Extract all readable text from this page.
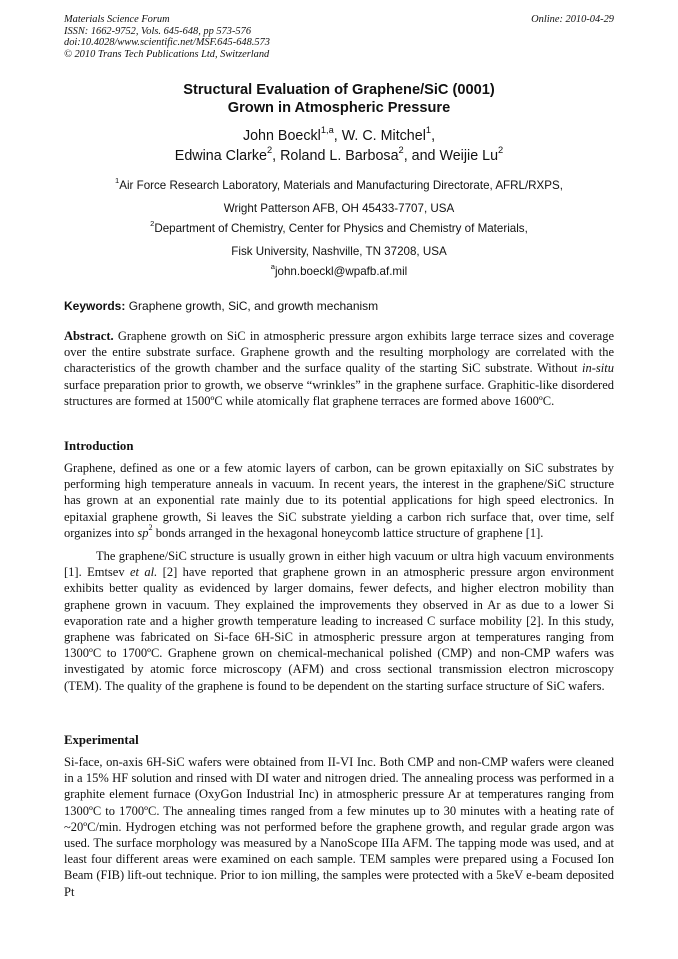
Materials Science Forum
ISSN: 1662-9752, Vols. 645-648, pp 573-576
doi:10.4028/www.scientific.net/MSF.645-648.573
© 2010 Trans Tech Publications Ltd, Switzerland
Online: 2010-04-29
Structural Evaluation of Graphene/SiC (0001)
Grown in Atmospheric Pressure
John Boeckl$^{1,a}$, W. C. Mitchel$^1$,
Edwina Clarke$^2$, Roland L. Barbosa$^2$, and Weijie Lu$^2$
$^1$Air Force Research Laboratory, Materials and Manufacturing Directorate, AFRL/RXPS,
Wright Patterson AFB, OH 45433-7707, USA
$^2$Department of Chemistry, Center for Physics and Chemistry of Materials,
Fisk University, Nashville, TN 37208, USA
$^a$john.boeckl@wpafb.af.mil
Keywords: Graphene growth, SiC, and growth mechanism

Abstract. Graphene growth on SiC in atmospheric pressure argon exhibits large terrace sizes and coverage over the entire substrate surface. Graphene growth and the resulting morphology are correlated with the characteristics of the growth chamber and the surface quality of the starting SiC substrate. Without in-situ surface preparation prior to growth, we observe “wrinkles” in the graphene surface. Graphitic-like disordered structures are formed at 1500ºC while atomically flat graphene terraces are formed above 1600ºC.

Introduction

Graphene, defined as one or a few atomic layers of carbon, can be grown epitaxially on SiC substrates by performing high temperature anneals in vacuum. In recent years, the interest in the graphene/SiC structure has grown at an exponential rate mainly due to its potential applications for high speed electronics. In epitaxial graphene growth, Si leaves the SiC substrate yielding a carbon rich surface that, over time, self organizes into $sp^2$ bonds arranged in the hexagonal honeycomb lattice structure of graphene [1].

The graphene/SiC structure is usually grown in either high vacuum or ultra high vacuum environments [1]. Emtsev et al. [2] have reported that graphene grown in an atmospheric pressure argon environment exhibits better quality as evidenced by larger domains, fewer defects, and higher electron mobility than graphene grown in vacuum. They explained the improvements they observed in Ar as due to a lower Si evaporation rate and a higher growth temperature leading to increased C surface mobility [2]. In this study, graphene was fabricated on Si-face 6H-SiC in atmospheric pressure argon at temperatures ranging from 1300ºC to 1700ºC. Graphene grown on chemical-mechanical polished (CMP) and non-CMP wafers was investigated by atomic force microscopy (AFM) and cross sectional transmission electron microscopy (TEM). The quality of the graphene is found to be dependent on the starting surface structure of SiC wafers.

Experimental

Si-face, on-axis 6H-SiC wafers were obtained from II-VI Inc. Both CMP and non-CMP wafers were cleaned in a 15% HF solution and rinsed with DI water and nitrogen dried. The annealing process was performed in a graphite element furnace (OxyGon Industrial Inc) in atmospheric pressure Ar at temperatures ranging from 1300ºC to 1700ºC. The annealing times ranged from a few minutes up to 30 minutes with a heating rate of ~20ºC/min. Hydrogen etching was not performed before the graphene growth, and regular grade argon was used. The surface morphology was measured by a NanoScope IIIa AFM. The tapping mode was used, and at least four different areas were examined on each sample. TEM samples were prepared using a Focused Ion Beam (FIB) lift-out technique. Prior to ion milling, the samples were protected with a 5keV e-beam deposited Pt
